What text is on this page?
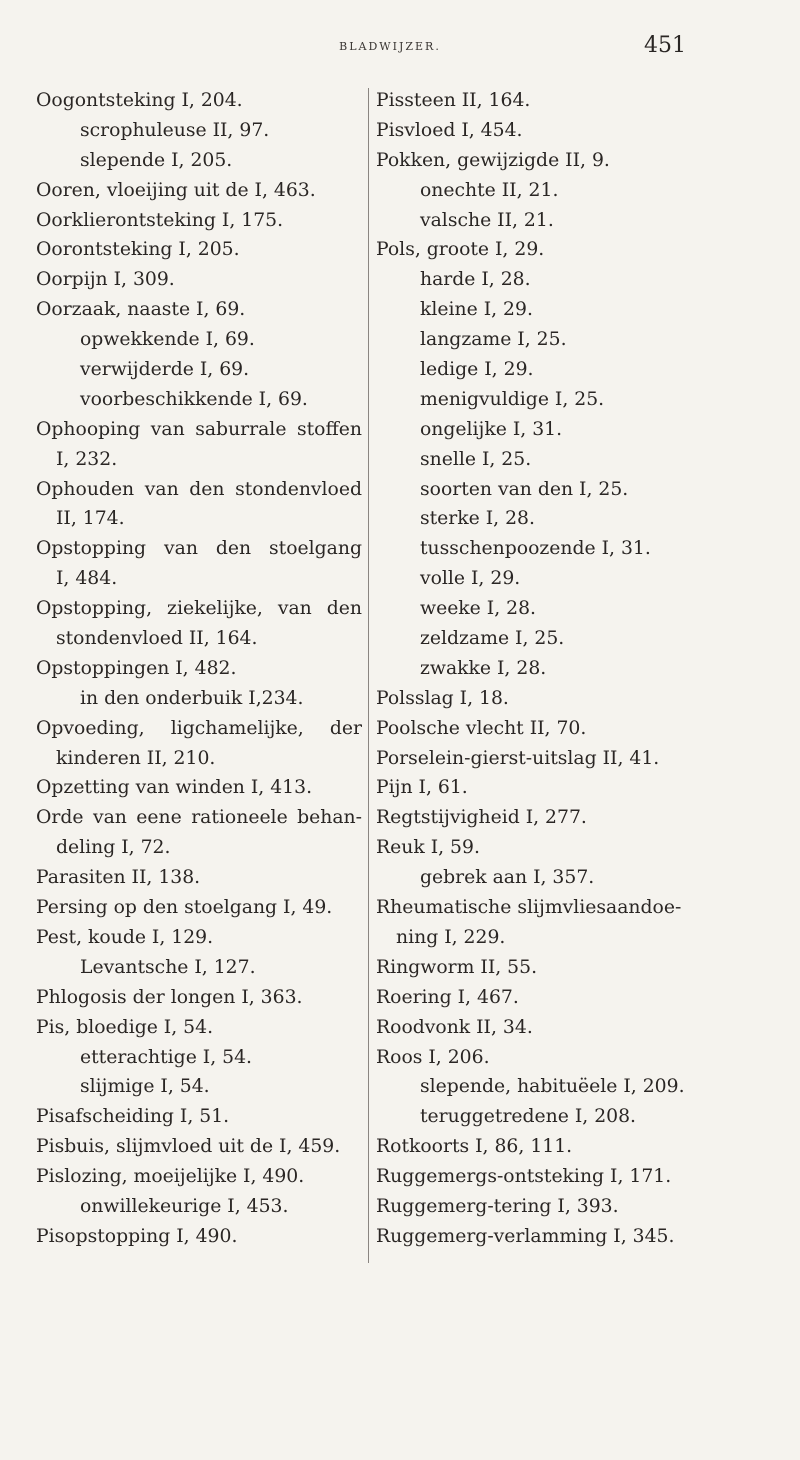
BLADWIJZER.	451
Oogontsteking I, 204.
scrophuleuse II, 97.
slepende I, 205.
Ooren, vloeijing uit de I, 463.
Oorklierontsteking I, 175.
Oorontsteking I, 205.
Oorpijn I, 309.
Oorzaak, naaste I, 69.
opwekkende I, 69.
verwijderde I, 69.
voorbeschikkende I, 69.
Ophooping van saburrale stoffen
I, 232.
Ophouden van den stondenvloed
II, 174.
Opstopping van den stoelgang
I, 484.
Opstopping, ziekelijke, van den
stondenvloed II, 164.
Opstoppingen I, 482.
in den onderbuik I,234.
Opvoeding, ligchamelijke, der
kinderen II, 210.
Opzetting van winden I, 413.
Orde van eene rationeele behan-
deling I, 72.
Parasiten II, 138.
Persing op den stoelgang I, 49.
Pest, koude I, 129.
Levantsche I, 127.
Phlogosis der longen I, 363.
Pis, bloedige I, 54.
etterachtige I, 54.
slijmige I, 54.
Pisafscheiding I, 51.
Pisbuis, slijmvloed uit de I, 459.
Pislozing, moeijelijke I, 490.
onwillekeurige I, 453.
Pisopstopping I, 490.
Pissteen II, 164.
Pisvloed I, 454.
Pokken, gewijzigde II, 9.
onechte II, 21.
valsche II, 21.
Pols, groote I, 29.
harde I, 28.
kleine I, 29.
langzame I, 25.
ledige I, 29.
menigvuldige I, 25.
ongelijke I, 31.
snelle I, 25.
soorten van den I, 25.
sterke I, 28.
tusschenpoozende I, 31.
volle I, 29.
weeke I, 28.
zeldzame I, 25.
zwakke I, 28.
Polsslag I, 18.
Poolsche vlecht II, 70.
Porselein-gierst-uitslag II, 41.
Pijn I, 61.
Regtstijvigheid I, 277.
Reuk I, 59.
gebrek aan I, 357.
Rheumatische slijmvliesaandoe-
ning I, 229.
Ringworm II, 55.
Roering I, 467.
Roodvonk II, 34.
Roos I, 206.
slepende, habituëele I, 209.
teruggetredene I, 208.
Rotkoorts I, 86, 111.
Ruggemergs-ontsteking I, 171.
Ruggemerg-tering I, 393.
Ruggemerg-verlamming I, 345.
